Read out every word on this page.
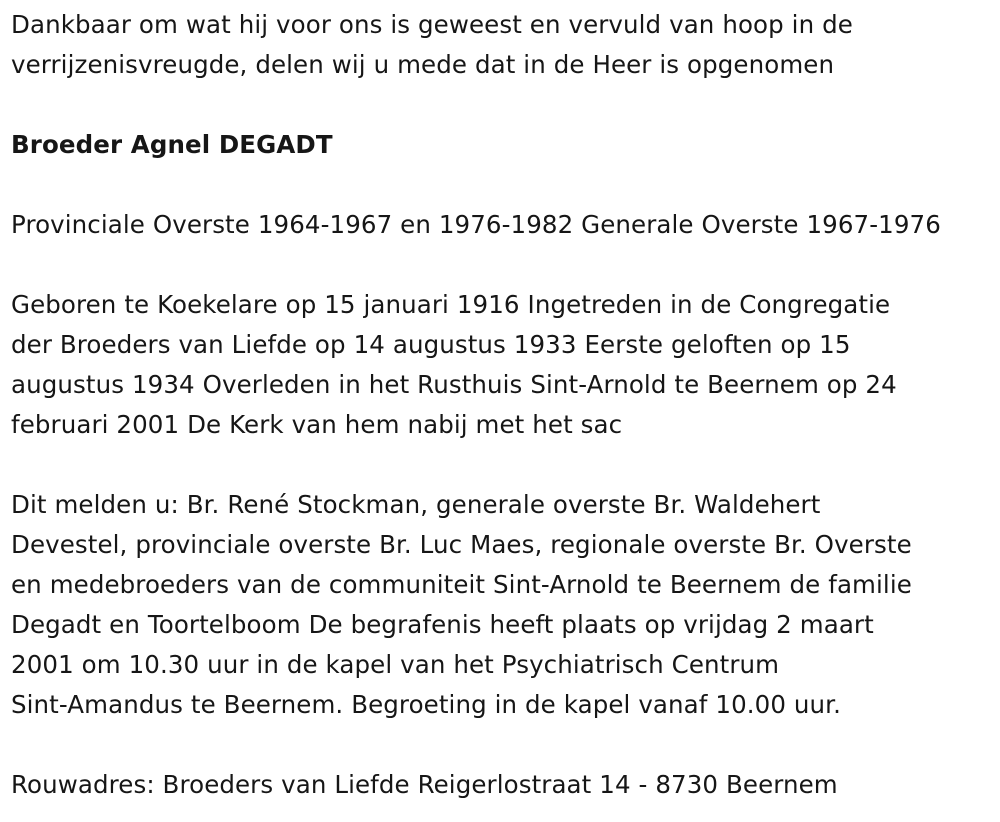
Dankbaar om wat hij voor ons is geweest en vervuld van hoop in de
verrijzenisvreugde, delen wij u mede dat in de Heer is opgenomen
Broeder Agnel DEGADT
Provinciale Overste 1964-1967 en 1976-1982 Generale Overste 1967-1976
Geboren te Koekelare op 15 januari 1916 Ingetreden in de Congregatie
der Broeders van Liefde op 14 augustus 1933 Eerste geloften op 15
augustus 1934 Overleden in het Rusthuis Sint-Arnold te Beernem op 24
februari 2001 De Kerk van hem nabij met het sac
Dit melden u: Br. René Stockman, generale overste Br. Waldehert
Devestel, provinciale overste Br. Luc Maes, regionale overste Br. Overste
en medebroeders van de communiteit Sint-Arnold te Beernem de familie
Degadt en Toortelboom De begrafenis heeft plaats op vrijdag 2 maart
2001 om 10.30 uur in de kapel van het Psychiatrisch Centrum
Sint-Amandus te Beernem. Begroeting in de kapel vanaf 10.00 uur.
Rouwadres: Broeders van Liefde Reigerlostraat 14 - 8730 Beernem
